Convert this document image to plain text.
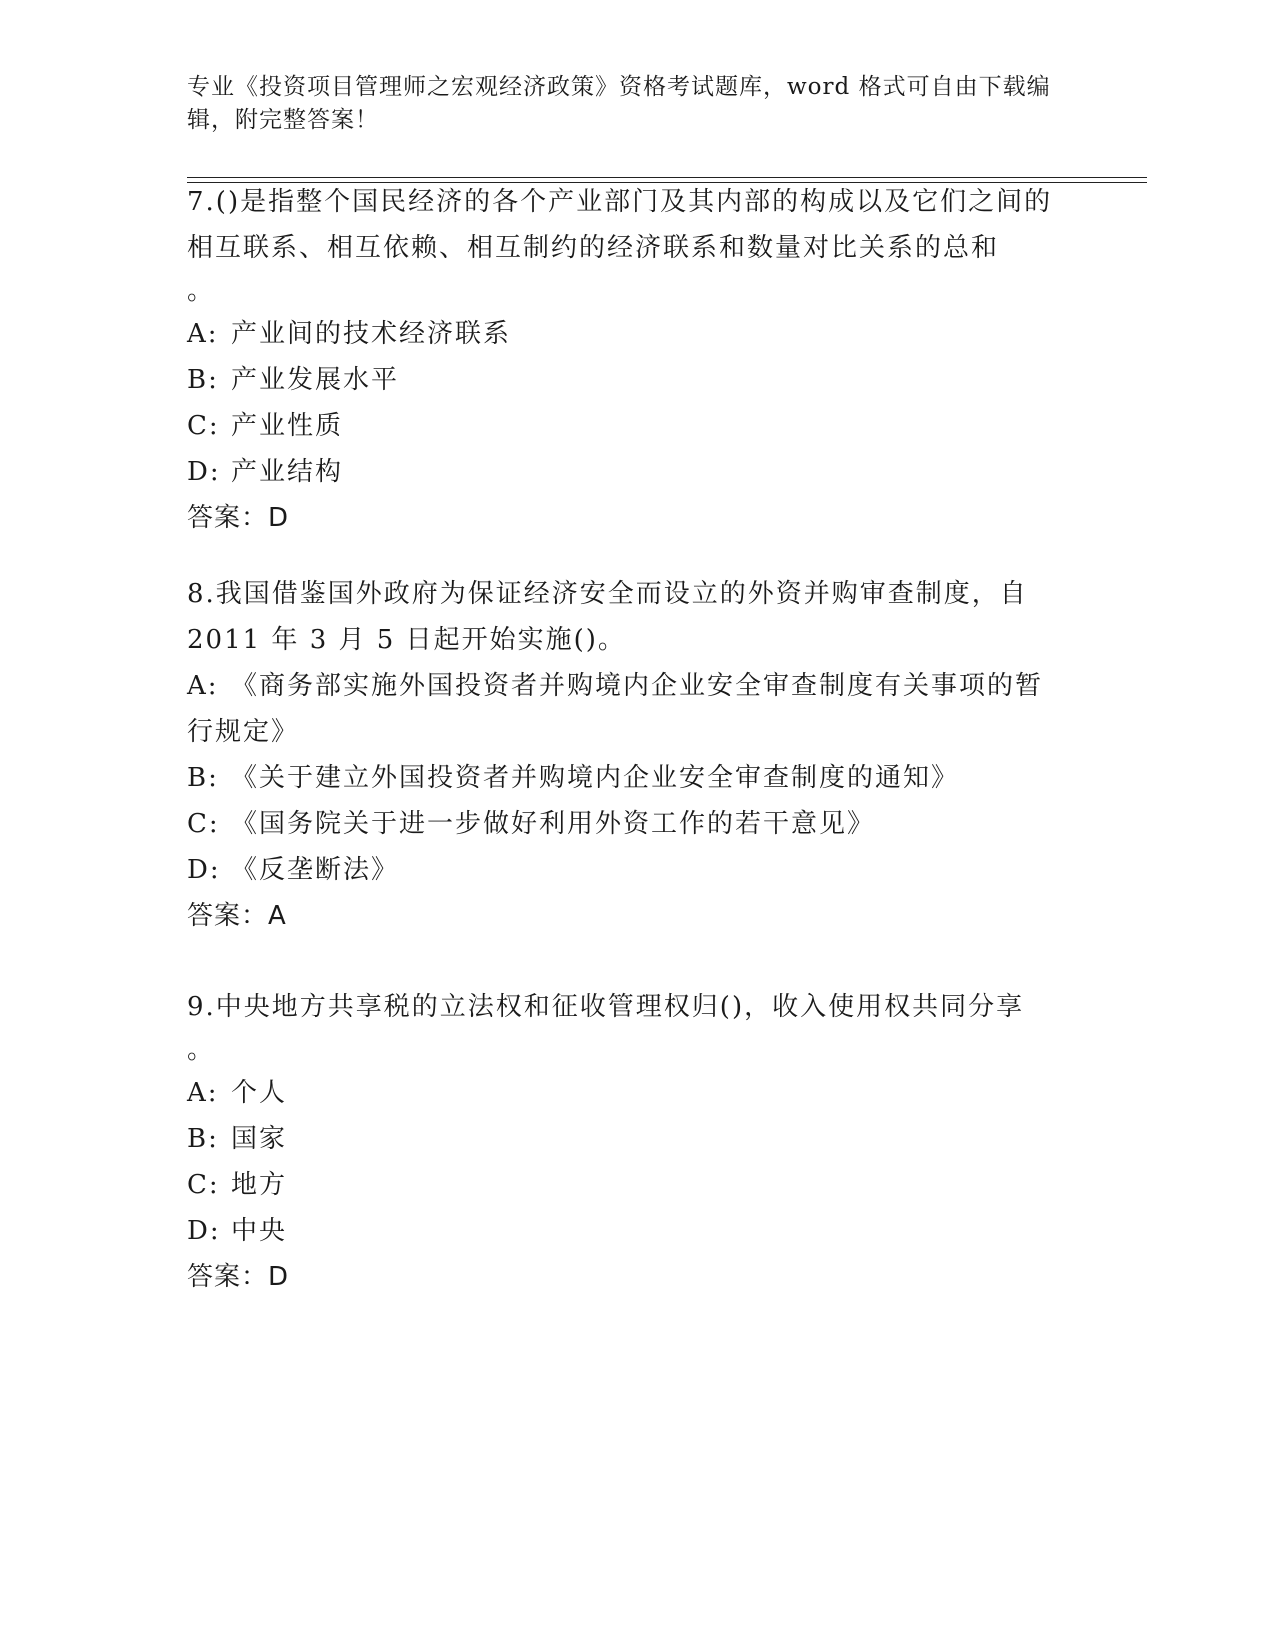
专业《投资项目管理师之宏观经济政策》资格考试题库，word 格式可自由下载编辑，附完整答案！
7.()是指整个国民经济的各个产业部门及其内部的构成以及它们之间的相互联系、相互依赖、相互制约的经济联系和数量对比关系的总和
。
A: 产业间的技术经济联系
B: 产业发展水平
C: 产业性质
D: 产业结构
答案：D
8.我国借鉴国外政府为保证经济安全而设立的外资并购审查制度，自2011 年 3 月 5 日起开始实施()。
A: 《商务部实施外国投资者并购境内企业安全审查制度有关事项的暂行规定》
B: 《关于建立外国投资者并购境内企业安全审查制度的通知》
C: 《国务院关于进一步做好利用外资工作的若干意见》
D: 《反垄断法》
答案：A
9.中央地方共享税的立法权和征收管理权归()，收入使用权共同分享
。
A: 个人
B: 国家
C: 地方
D: 中央
答案：D
